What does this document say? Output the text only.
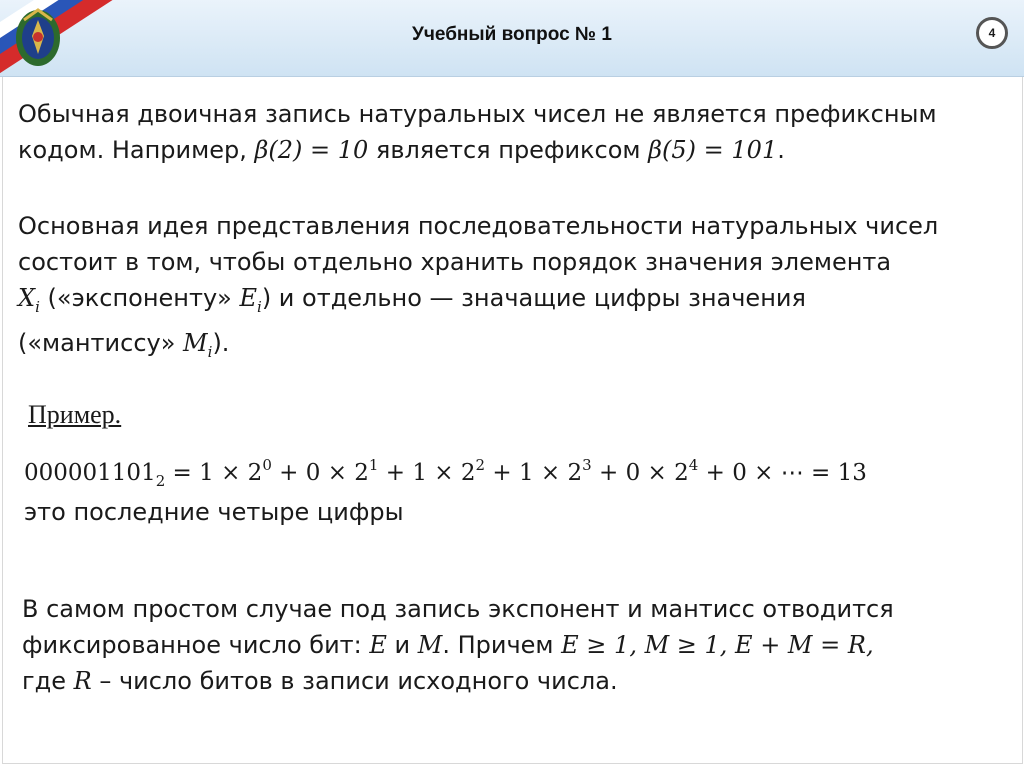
Учебный вопрос № 1	4
Обычная двоичная запись натуральных чисел не является префиксным
кодом. Например, β(2) = 10 является префиксом β(5) = 101.
Основная идея представления последовательности натуральных чисел
состоит в том, чтобы отдельно хранить порядок значения элемента
$X_i$ («экспоненту» $E_i$) и отдельно — значащие цифры значения
(«мантиссу» $M_i$).
Пример.
$000001101_2 = 1 \times 2^0 + 0 \times 2^1 + 1 \times 2^2 + 1 \times 2^3 + 0 \times 2^4 + 0$ × ⋯ = 13
это последние четыре цифры
В самом простом случае под запись экспонент и мантисс отводится
фиксированное число бит: E и M. Причем E ≥ 1, M ≥ 1, E + M = R,
где R – число битов в записи исходного числа.
